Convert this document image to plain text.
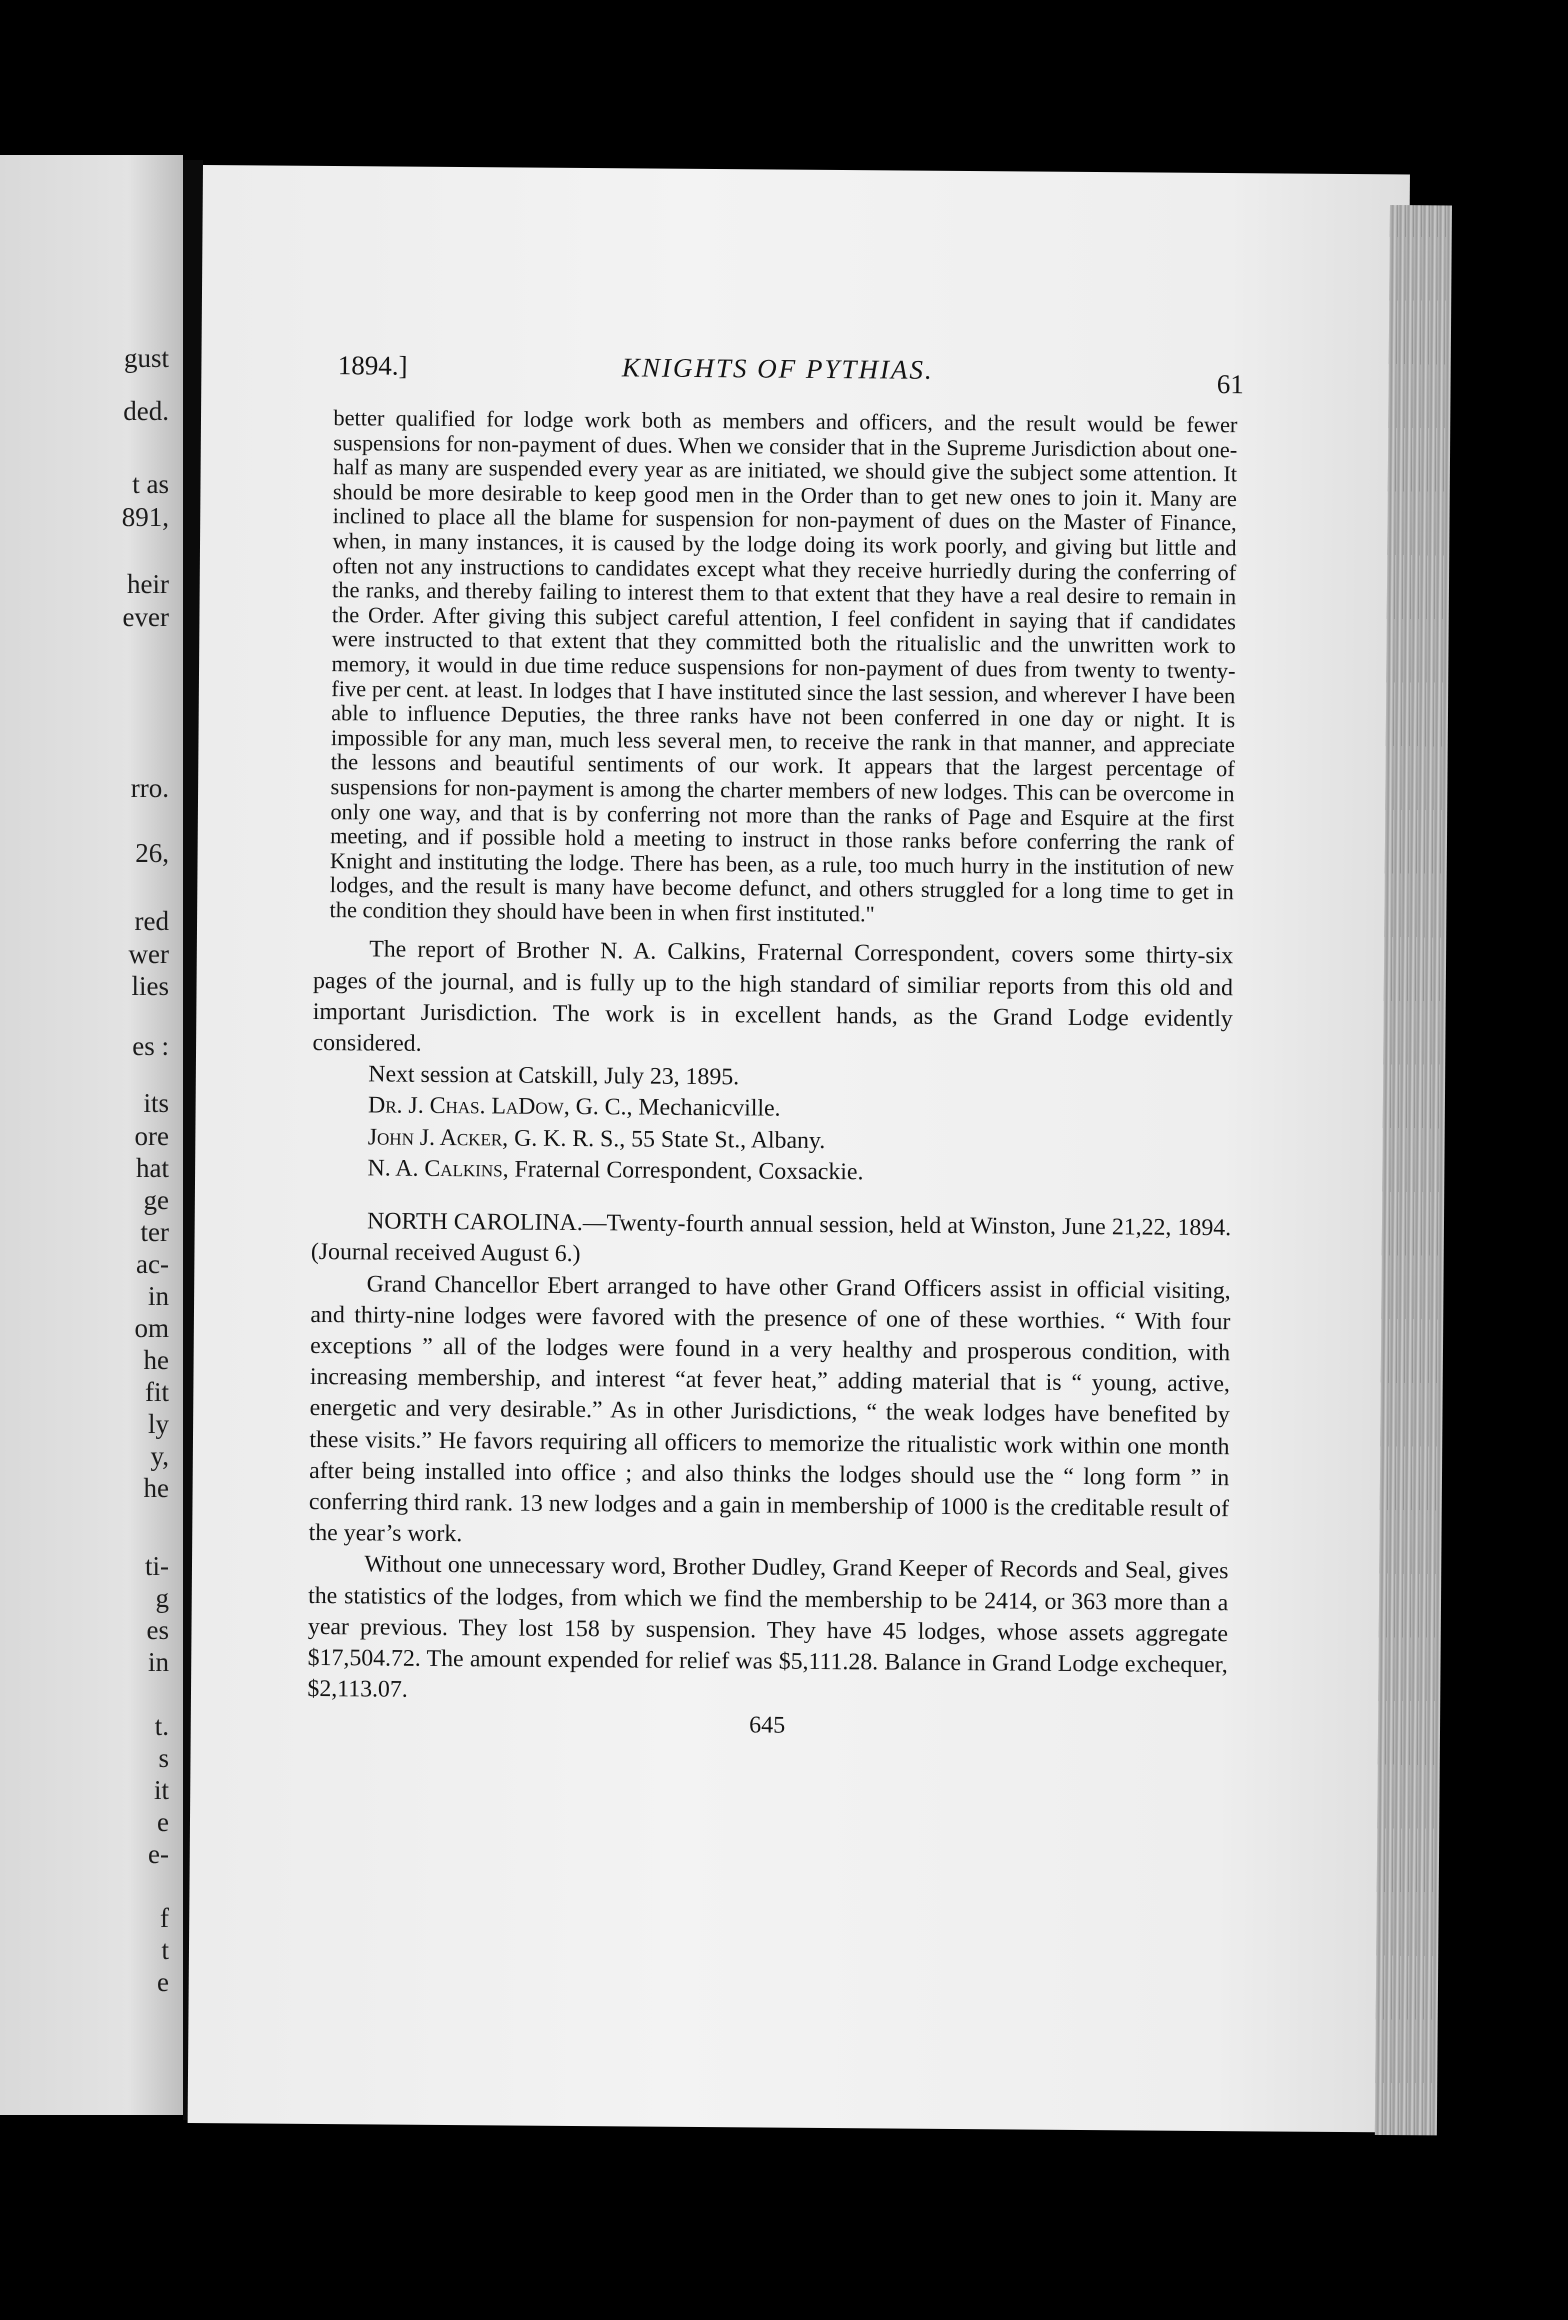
gust
ded.
t as
891,
heir
ever
rro.
26,
red
wer
lies
es :
its
ore
hat
ge
ter
ac-
in
om
he
fit
ly
y,
he
ti-
g
es
in
t.
s
it
e
e-
f
t
e
1894.]	KNIGHTS OF PYTHIAS.	61

better qualified for lodge work both as members and officers, and the result would be fewer suspensions for non-payment of dues. When we consider that in the Supreme Jurisdiction about one-half as many are suspended every year as are initiated, we should give the subject some attention. It should be more desirable to keep good men in the Order than to get new ones to join it. Many are inclined to place all the blame for suspension for non-payment of dues on the Master of Finance, when, in many instances, it is caused by the lodge doing its work poorly, and giving but little and often not any instructions to candidates except what they receive hurriedly during the conferring of the ranks, and thereby failing to interest them to that extent that they have a real desire to remain in the Order. After giving this subject careful attention, I feel confident in saying that if candidates were instructed to that extent that they committed both the ritualislic and the unwritten work to memory, it would in due time reduce suspensions for non-payment of dues from twenty to twenty-five per cent. at least. In lodges that I have instituted since the last session, and wherever I have been able to influence Deputies, the three ranks have not been conferred in one day or night. It is impossible for any man, much less several men, to receive the rank in that manner, and appreciate the lessons and beautiful sentiments of our work. It appears that the largest percentage of suspensions for non-payment is among the charter members of new lodges. This can be overcome in only one way, and that is by conferring not more than the ranks of Page and Esquire at the first meeting, and if possible hold a meeting to instruct in those ranks before conferring the rank of Knight and instituting the lodge. There has been, as a rule, too much hurry in the institution of new lodges, and the result is many have become defunct, and others struggled for a long time to get in the condition they should have been in when first instituted."

The report of Brother N. A. Calkins, Fraternal Correspondent, covers some thirty-six pages of the journal, and is fully up to the high standard of similiar reports from this old and important Jurisdiction. The work is in excellent hands, as the Grand Lodge evidently considered.

Next session at Catskill, July 23, 1895.
Dr. J. Chas. LaDow, G. C., Mechanicville.
John J. Acker, G. K. R. S., 55 State St., Albany.
N. A. Calkins, Fraternal Correspondent, Coxsackie.

NORTH CAROLINA.—Twenty-fourth annual session, held at Winston, June 21,22, 1894. (Journal received August 6.)

Grand Chancellor Ebert arranged to have other Grand Officers assist in official visiting, and thirty-nine lodges were favored with the presence of one of these worthies. “ With four exceptions ” all of the lodges were found in a very healthy and prosperous condition, with increasing membership, and interest “at fever heat,” adding material that is “ young, active, energetic and very desirable.” As in other Jurisdictions, “ the weak lodges have benefited by these visits.” He favors requiring all officers to memorize the ritualistic work within one month after being installed into office ; and also thinks the lodges should use the “ long form ” in conferring third rank. 13 new lodges and a gain in membership of 1000 is the creditable result of the year’s work.

Without one unnecessary word, Brother Dudley, Grand Keeper of Records and Seal, gives the statistics of the lodges, from which we find the membership to be 2414, or 363 more than a year previous. They lost 158 by suspension. They have 45 lodges, whose assets aggregate $17,504.72. The amount expended for relief was $5,111.28. Balance in Grand Lodge exchequer, $2,113.07.

645
